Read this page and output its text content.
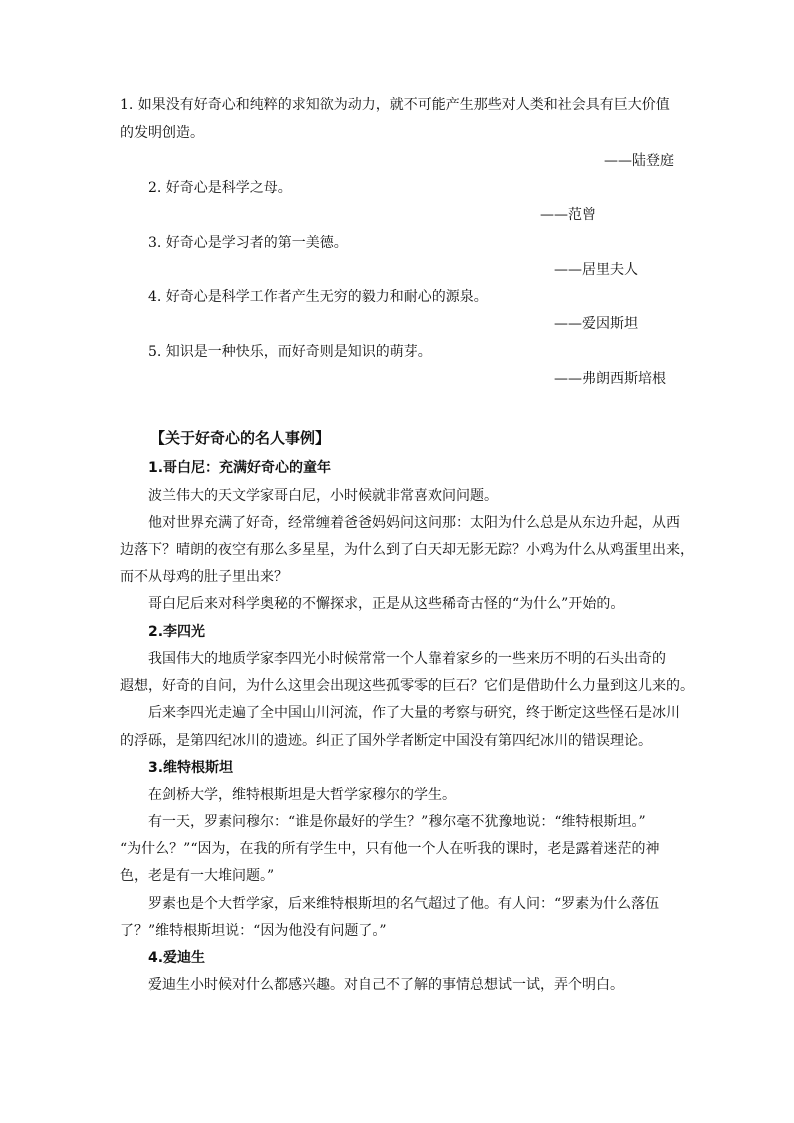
1. 如果没有好奇心和纯粹的求知欲为动力，就不可能产生那些对人类和社会具有巨大价值
的发明创造。
——陆登庭
2. 好奇心是科学之母。
——范曾
3. 好奇心是学习者的第一美德。
——居里夫人
4. 好奇心是科学工作者产生无穷的毅力和耐心的源泉。
——爱因斯坦
5. 知识是一种快乐，而好奇则是知识的萌芽。
——弗朗西斯培根
【关于好奇心的名人事例】
1.哥白尼：充满好奇心的童年
波兰伟大的天文学家哥白尼，小时候就非常喜欢问问题。
他对世界充满了好奇，经常缠着爸爸妈妈问这问那：太阳为什么总是从东边升起，从西
边落下？晴朗的夜空有那么多星星，为什么到了白天却无影无踪？小鸡为什么从鸡蛋里出来，
而不从母鸡的肚子里出来？
哥白尼后来对科学奥秘的不懈探求，正是从这些稀奇古怪的“为什么”开始的。
2.李四光
我国伟大的地质学家李四光小时候常常一个人靠着家乡的一些来历不明的石头出奇的
遐想，好奇的自问，为什么这里会出现这些孤零零的巨石？它们是借助什么力量到这儿来的。
后来李四光走遍了全中国山川河流，作了大量的考察与研究，终于断定这些怪石是冰川
的浮砾，是第四纪冰川的遗迹。纠正了国外学者断定中国没有第四纪冰川的错误理论。
3.维特根斯坦
在剑桥大学，维特根斯坦是大哲学家穆尔的学生。
有一天，罗素问穆尔：“谁是你最好的学生？”穆尔毫不犹豫地说：“维特根斯坦。”
“为什么？”“因为，在我的所有学生中，只有他一个人在听我的课时，老是露着迷茫的神
色，老是有一大堆问题。”
罗素也是个大哲学家，后来维特根斯坦的名气超过了他。有人问：“罗素为什么落伍
了？”维特根斯坦说：“因为他没有问题了。”
4.爱迪生
爱迪生小时候对什么都感兴趣。对自己不了解的事情总想试一试，弄个明白。
